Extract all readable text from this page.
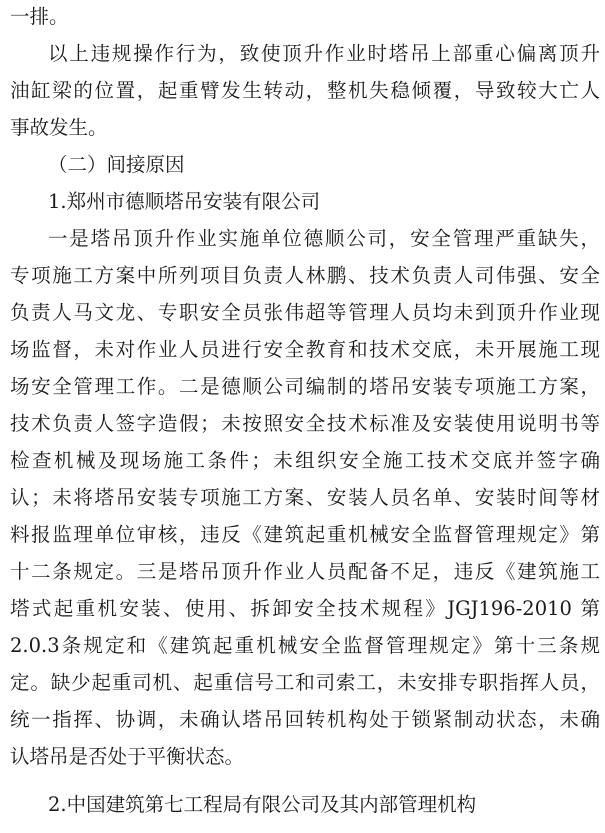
一排。
以上违规操作行为，致使顶升作业时塔吊上部重心偏离顶升
油缸梁的位置，起重臂发生转动，整机失稳倾覆，导致较大亡人
事故发生。
（二）间接原因
1.郑州市德顺塔吊安装有限公司
一是塔吊顶升作业实施单位德顺公司，安全管理严重缺失，
专项施工方案中所列项目负责人林鹏、技术负责人司伟强、安全
负责人马文龙、专职安全员张伟超等管理人员均未到顶升作业现
场监督，未对作业人员进行安全教育和技术交底，未开展施工现
场安全管理工作。二是德顺公司编制的塔吊安装专项施工方案，
技术负责人签字造假；未按照安全技术标准及安装使用说明书等
检查机械及现场施工条件；未组织安全施工技术交底并签字确
认；未将塔吊安装专项施工方案、安装人员名单、安装时间等材
料报监理单位审核，违反《建筑起重机械安全监督管理规定》第
十二条规定。三是塔吊顶升作业人员配备不足，违反《建筑施工
塔式起重机安装、使用、拆卸安全技术规程》JGJ196-2010 第
2.0.3条规定和《建筑起重机械安全监督管理规定》第十三条规
定。缺少起重司机、起重信号工和司索工，未安排专职指挥人员，
统一指挥、协调，未确认塔吊回转机构处于锁紧制动状态，未确
认塔吊是否处于平衡状态。
2.中国建筑第七工程局有限公司及其内部管理机构
